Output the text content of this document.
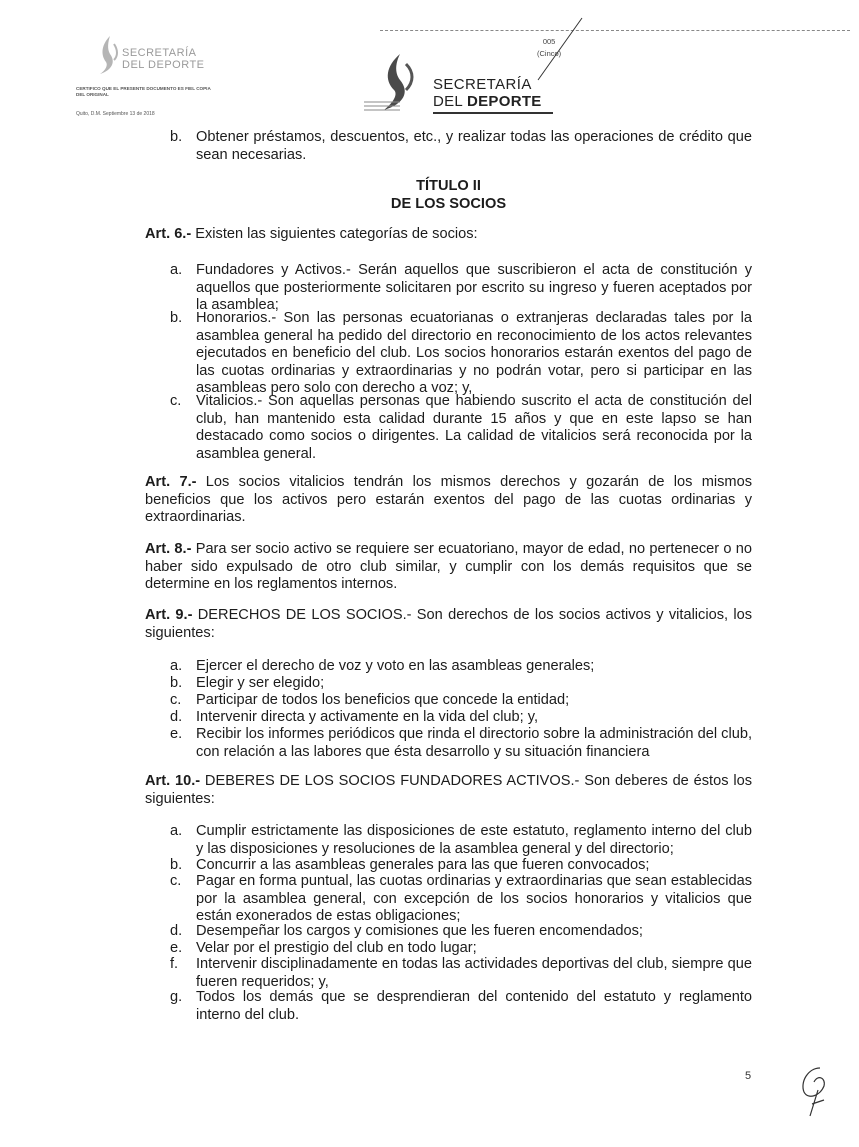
SECRETARÍA
DEL DEPORTE
CERTIFICO QUE EL PRESENTE DOCUMENTO ES FIEL COPIA DEL ORIGINAL
Quito, D.M. Septiembre 13 de 2018
005
(Cinco)
SECRETARÍA
DEL DEPORTE
b. Obtener préstamos, descuentos, etc., y realizar todas las operaciones de crédito que sean necesarias.
TÍTULO II
DE LOS SOCIOS
Art. 6.- Existen las siguientes categorías de socios:
a. Fundadores y Activos.- Serán aquellos que suscribieron el acta de constitución y aquellos que posteriormente solicitaren por escrito su ingreso y fueren aceptados por la asamblea;
b. Honorarios.- Son las personas ecuatorianas o extranjeras declaradas tales por la asamblea general ha pedido del directorio en reconocimiento de los actos relevantes ejecutados en beneficio del club. Los socios honorarios estarán exentos del pago de las cuotas ordinarias y extraordinarias y no podrán votar, pero si participar en las asambleas pero solo con derecho a voz; y,
c. Vitalicios.- Son aquellas personas que habiendo suscrito el acta de constitución del club, han mantenido esta calidad durante 15 años y que en este lapso se han destacado como socios o dirigentes. La calidad de vitalicios será reconocida por la asamblea general.
Art. 7.- Los socios vitalicios tendrán los mismos derechos y gozarán de los mismos beneficios que los activos pero estarán exentos del pago de las cuotas ordinarias y extraordinarias.
Art. 8.- Para ser socio activo se requiere ser ecuatoriano, mayor de edad, no pertenecer o no haber sido expulsado de otro club similar, y cumplir con los demás requisitos que se determine en los reglamentos internos.
Art. 9.- DERECHOS DE LOS SOCIOS.- Son derechos de los socios activos y vitalicios, los siguientes:
a. Ejercer el derecho de voz y voto en las asambleas generales;
b. Elegir y ser elegido;
c. Participar de todos los beneficios que concede la entidad;
d. Intervenir directa y activamente en la vida del club; y,
e. Recibir los informes periódicos que rinda el directorio sobre la administración del club, con relación a las labores que ésta desarrollo y su situación financiera
Art. 10.- DEBERES DE LOS SOCIOS FUNDADORES ACTIVOS.- Son deberes de éstos los siguientes:
a. Cumplir estrictamente las disposiciones de este estatuto, reglamento interno del club y las disposiciones y resoluciones de la asamblea general y del directorio;
b. Concurrir a las asambleas generales para las que fueren convocados;
c. Pagar en forma puntual, las cuotas ordinarias y extraordinarias que sean establecidas por la asamblea general, con excepción de los socios honorarios y vitalicios que están exonerados de estas obligaciones;
d. Desempeñar los cargos y comisiones que les fueren encomendados;
e. Velar por el prestigio del club en todo lugar;
f. Intervenir disciplinadamente en todas las actividades deportivas del club, siempre que fueren requeridos; y,
g. Todos los demás que se desprendieran del contenido del estatuto y reglamento interno del club.
5
